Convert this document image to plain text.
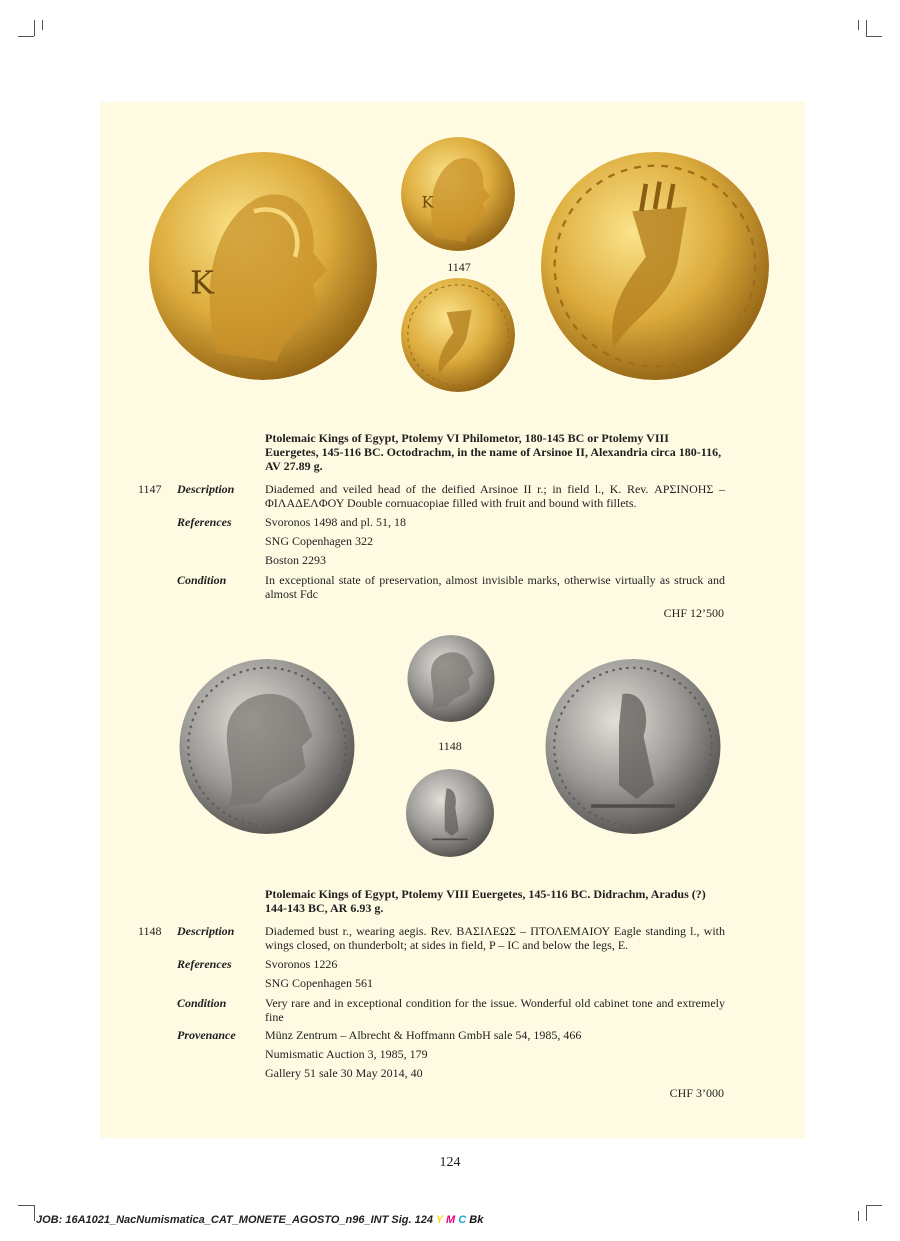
K
K
1147
Ptolemaic Kings of Egypt, Ptolemy VI Philometor, 180-145 BC or Ptolemy VIII Euergetes, 145-116 BC. Octodrachm, in the name of Arsinoe II, Alexandria circa 180-116, AV 27.89 g.
1147 Description	Diademed and veiled head of the deified Arsinoe II r.; in field l., K. Rev. ΑΡΣΙΝΟΗΣ – ΦΙΛΑΔΕΛΦΟΥ Double cornuacopiae filled with fruit and bound with fillets.
References	Svoronos 1498 and pl. 51, 18
SNG Copenhagen 322
Boston 2293
Condition	In exceptional state of preservation, almost invisible marks, otherwise virtually as struck and almost Fdc
CHF 12’500
1148
Ptolemaic Kings of Egypt, Ptolemy VIII Euergetes, 145-116 BC. Didrachm, Aradus (?) 144-143 BC, AR 6.93 g.
1148 Description	Diademed bust r., wearing aegis. Rev. ΒΑΣΙΛΕΩΣ – ΠΤΟΛΕΜΑΙΟΥ Eagle standing l., with wings closed, on thunderbolt; at sides in field, P – IC and below the legs, E.
References	Svoronos 1226
SNG Copenhagen 561
Condition	Very rare and in exceptional condition for the issue. Wonderful old cabinet tone and extremely fine
Provenance Münz Zentrum – Albrecht & Hoffmann GmbH sale 54, 1985, 466
Numismatic Auction 3, 1985, 179
Gallery 51 sale 30 May 2014, 40
CHF 3’000
124
JOB: 16A1021_NacNumismatica_CAT_MONETE_AGOSTO_n96_INT Sig. 124 Y M C Bk
